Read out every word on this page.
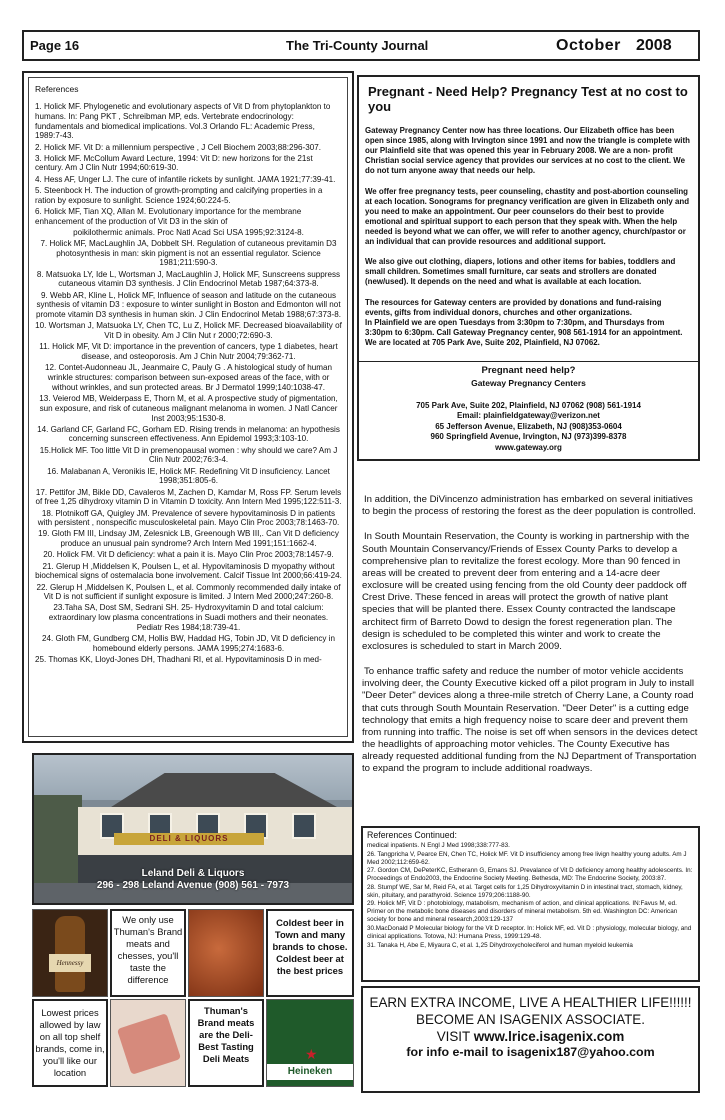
Page 16	The Tri-County Journal	October 2008
References
1. Holick MF. Phylogenetic and evolutionary aspects of Vit D from phytoplankton to humans. In: Pang PKT , Schreibman MP, eds. Vertebrate endocrinology: fundamentals and biomedical implications. Vol.3 Orlando FL: Academic Press, 1989:7-43.
2. Holick MF. Vit D: a millennium perspective , J Cell Biochem 2003;88:296-307.
3. Holick MF. McCollum Award Lecture, 1994: Vit D: new horizons for the 21st century. Am J Clin Nutr 1994;60:619-30.
4. Hess AF, Unger LJ. The cure of infantile rickets by sunlight. JAMA 1921;77:39-41.
5. Steenbock H. The induction of growth-prompting and calcifying properties in a ration by exposure to sunlight. Science 1924;60:224-5.
6. Holick MF, Tian XQ, Allan M. Evolutionary importance for the membrane enhancement of the production of Vit D3 in the skin of
poikilothermic animals. Proc Natl Acad Sci USA 1995;92:3124-8.
7. Holick MF, MacLaughlin JA, Dobbelt SH. Regulation of cutaneous previtamin D3 photosynthesis in man: skin pigment is not an essential regulator. Science 1981;211:590-3.
8. Matsuoka LY, Ide L, Wortsman J, MacLaughlin J, Holick MF, Sunscreens suppress cutaneous vitamin D3 synthesis. J Clin Endocrinol Metab 1987;64:373-8.
9. Webb AR, Kline L, Holick MF, Influence of season and latitude on the cutaneous synthesis of vitamin D3 : exposure to winter sunlight in Boston and Edmonton will not promote vitamin D3 synthesis in human skin. J Clin Endocrinol Metab 1988;67:373-8.
10. Wortsman J, Matsuoka LY, Chen TC, Lu Z, Holick MF. Decreased bioavailability of Vit D in obesity. Am J Clin Nut r 2000;72:690-3.
11. Holick MF, Vit D: importance in the prevention of cancers, type 1 diabetes, heart disease, and osteoporosis. Am J Chin Nutr 2004;79:362-71.
12. Contet-Audonneau JL, Jeanmaire C, Pauly G . A histological study of human wrinkle structures: comparison between sun-exposed areas of the face, with or without wrinkles, and sun protected areas. Br J Dermatol 1999;140:1038-47.
13. Veierod MB, Weiderpass E, Thorn M, et al. A prospective study of pigmentation, sun exposure, and risk of cutaneous malignant melanoma in women. J Natl Cancer Inst 2003;95:1530-8.
14. Garland CF, Garland FC, Gorham ED. Rising trends in melanoma: an hypothesis concerning sunscreen effectiveness. Ann Epidemol 1993;3:103-10.
15.Holick MF. Too little Vit D in premenopausal women : why should we care? Am J Clin Nutr 2002;76:3-4.
16. Malabanan A, Veronikis IE, Holick MF. Redefining Vit D insuficiency. Lancet 1998;351:805-6.
17. Pettifor JM, Bikle DD, Cavaleros M, Zachen D, Kamdar M, Ross FP. Serum levels of free 1,25 dihydroxy vitamin D in Vitamin D toxicity. Ann Intern Med 1995;122:511-3.
18. Plotnikoff GA, Quigley JM. Prevalence of severe hypovitaminosis D in patients with persistent , nonspecific musculoskeletal pain. Mayo Clin Proc 2003;78:1463-70.
19. Gloth FM III, Lindsay JM, Zelesnick LB, Greenough WB III,. Can Vit D deficiency produce an unusual pain syndrome? Arch Intern Med 1991;151:1662-4.
20. Holick FM. Vit D deficiency: what a pain it is. Mayo Clin Proc 2003;78:1457-9.
21. Glerup H ,Middelsen K, Poulsen L, et al. Hypovitaminosis D myopathy without biochemical signs of ostemalacia bone involvement. Calcif Tissue Int 2000;66:419-24.
22. Glerup H ,Middelsen K, Poulsen L, et al. Commonly recommended daily intake of Vit D is not sufficient if sunlight exposure is limited. J Intern Med 2000;247:260-8.
23.Taha SA, Dost SM, Sedrani SH. 25- Hydroxyvitamin D and total calcium: extraordinary low plasma concentrations in Suadi mothers and their neonates. Pediatr Res 1984;18:739-41.
24. Gloth FM, Gundberg CM, Hollis BW, Haddad HG, Tobin JD, Vit D deficiency in homebound elderly persons. JAMA 1995;274:1683-6.
25. Thomas KK, Lloyd-Jones DH, Thadhani RI, et al. Hypovitaminosis D in med-
Pregnant - Need Help? Pregnancy Test at no cost to you
Gateway Pregnancy Center now has three locations. Our Elizabeth office has been open since 1985, along with Irvington since 1991 and now the triangle is complete with our Plainfield site that was opened this year in February 2008. We are a non- profit Christian social service agency that provides our services at no cost to the client. We do not turn anyone away that needs our help.
We offer free pregnancy tests, peer counseling, chastity and post-abortion counseling at each location. Sonograms for pregnancy verification are given in Elizabeth only and you need to make an appointment. Our peer counselors do their best to provide emotional and spiritual support to each person that they speak with. When the help needed is beyond what we can offer, we will refer to another agency, church/pastor or an individual that can provide resources and additional support.
We also give out clothing, diapers, lotions and other items for babies, toddlers and small children. Sometimes small furniture, car seats and strollers are donated (new/used). It depends on the need and what is available at each location.
The resources for Gateway centers are provided by donations and fund-raising events, gifts from individual donors, churches and other organizations.
In Plainfield we are open Tuesdays from 3:30pm to 7:30pm, and Thursdays from 3:30pm to 6:30pm. Call Gateway Pregnancy center, 908 561-1914 for an appointment. We are located at 705 Park Ave, Suite 202, Plainfield, NJ 07062.
Pregnant need help?
Gateway Pregnancy Centers
705 Park Ave, Suite 202, Plainfield, NJ 07062 (908) 561-1914
Email: plainfieldgateway@verizon.net
65 Jefferson Avenue, Elizabeth, NJ (908)353-0604
960 Springfield Avenue, Irvington, NJ (973)399-8378
www.gateway.org

In addition, the DiVincenzo administration has embarked on several initiatives to begin the process of restoring the forest as the deer population is controlled.

In South Mountain Reservation, the County is working in partnership with the South Mountain Conservancy/Friends of Essex County Parks to develop a comprehensive plan to revitalize the forest ecology. More than 90 fenced in areas will be created to prevent deer from entering and a 14-acre deer exclosure will be created using fencing from the old County deer paddock off Crest Drive. These fenced in areas will protect the growth of native plant species that will be planted there. Essex County contracted the landscape architect firm of Barreto Dowd to design the forest regeneration plan. The design is scheduled to be completed this winter and work to create the exclosures is scheduled to start in March 2009.

To enhance traffic safety and reduce the number of motor vehicle accidents involving deer, the County Executive kicked off a pilot program in July to install "Deer Deter" devices along a three-mile stretch of Cherry Lane, a County road that cuts through South Mountain Reservation. "Deer Deter" is a cutting edge technology that emits a high frequency noise to scare deer and prevent them from running into traffic. The noise is set off when sensors in the devices detect the headlights of approaching motor vehicles. The County Executive has already requested additional funding from the NJ Department of Transportation to expand the program to include additional roadways.

DELI & LIQUORS
Leland Deli & Liquors
296 - 298 Leland Avenue (908) 561 - 7973
Hennessy
We only use Thuman's Brand meats and chesses, you'll taste the difference
Coldest beer in Town and many brands to chose. Coldest beer at the best prices
Lowest prices allowed by law on all top shelf brands, come in, you'll like our location
Thuman's Brand meats are the Deli-Best Tasting Deli Meats
Heineken
★
References Continued:
medical inpatients. N Engl J Med 1998;338:777-83.
26. Tangpricha V, Pearce EN, Chen TC, Holick MF. Vit D insufficiency among free livign healthy young adults. Am J Med 2002;112:659-62.
27. Gordon CM, DePeterKC, Estherann G, Emans SJ. Prevalance of Vit D deficiency among healthy adolescents. In: Proceedings of Endo2003, the Endocrine Society Meeting. Bethesda, MD: The Endocrine Society, 2003:87.
28. Stumpf WE, Sar M, Reid FA, et al. Target cells for 1,25 Dihydroxyvitamin D in intestinal tract, stomach, kidney, skin, pituitary, and parathyroid. Science 1979;206:1188-90.
29. Holick MF, Vit D : photobiology, matabolism, mechanism of action, and clinical applications. IN:Favus M, ed. Primer on the metabolic bone diseases and disorders of mineral metabolism. 5th ed. Washington DC: American society for bone and mineral research,2003:129-137
30.MacDonald P Molecular biology for the Vit D receptor. In: Holick MF, ed. Vit D : physiology, molecular biology, and clinical applications. Totowa, NJ: Humana Press, 1999:129-48.
31. Tanaka H, Abe E, Miyaura C, et al. 1,25 Dihydroxycholeciferol and human myeloid leukemia
EARN EXTRA INCOME, LIVE A HEALTHIER LIFE!!!!!!
BECOME AN ISAGENIX ASSOCIATE.
VISIT www.lrice.isagenix.com
for info e-mail to isagenix187@yahoo.com
